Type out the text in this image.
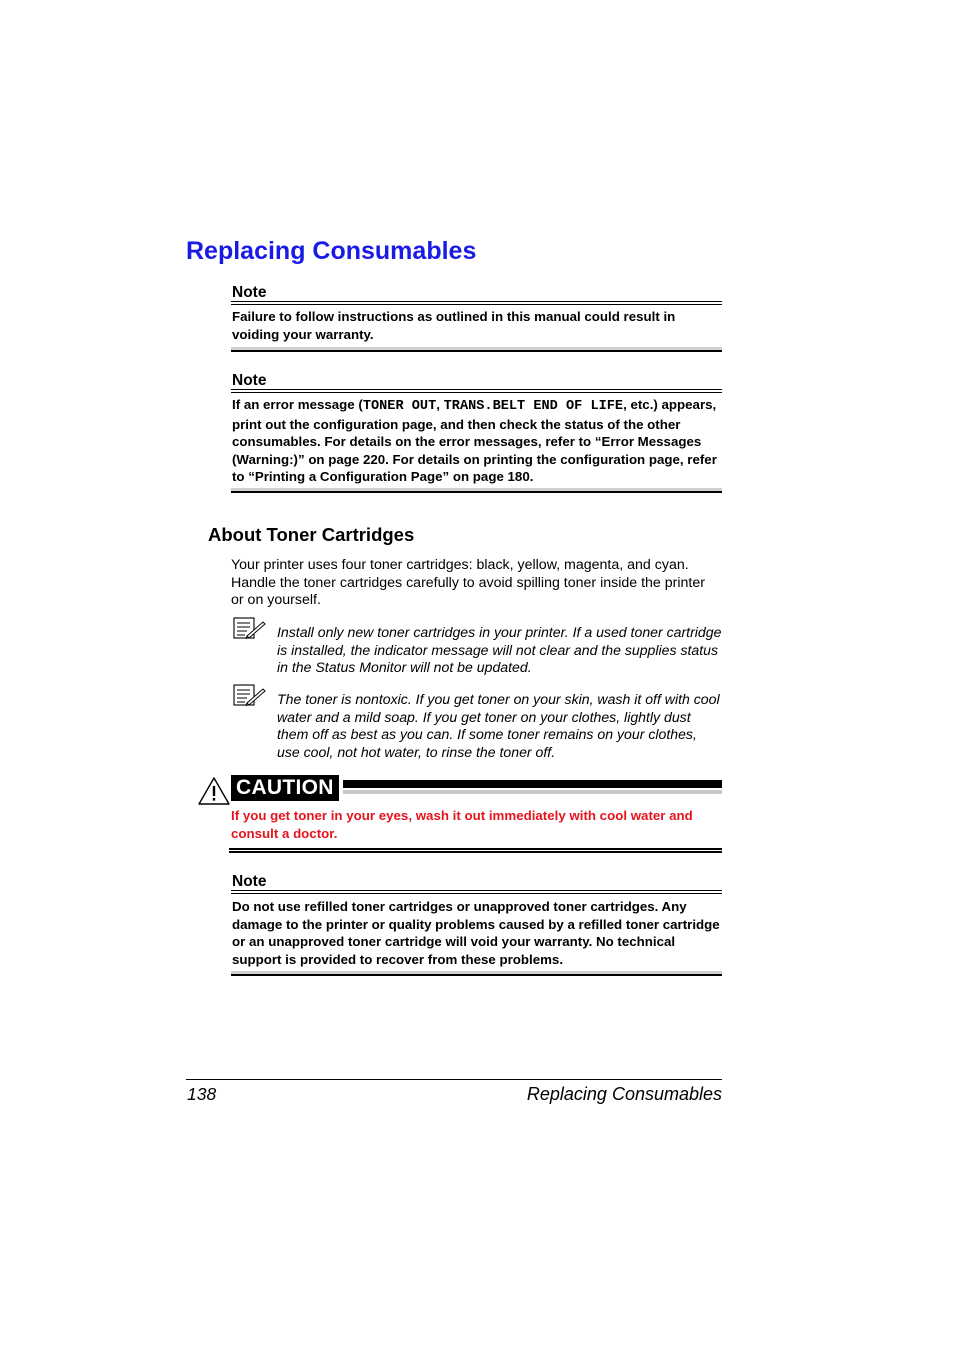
Replacing Consumables
Note

Failure to follow instructions as outlined in this manual could result in voiding your warranty.

Note

If an error message (TONER OUT, TRANS.BELT END OF LIFE, etc.) appears, print out the configuration page, and then check the status of the other consumables. For details on the error messages, refer to “Error Messages (Warning:)” on page 220. For details on printing the configuration page, refer to “Printing a Configuration Page” on page 180.

About Toner Cartridges

Your printer uses four toner cartridges: black, yellow, magenta, and cyan. Handle the toner cartridges carefully to avoid spilling toner inside the printer or on yourself.

Install only new toner cartridges in your printer. If a used toner cartridge is installed, the indicator message will not clear and the supplies status in the Status Monitor will not be updated.

The toner is nontoxic. If you get toner on your skin, wash it off with cool water and a mild soap. If you get toner on your clothes, lightly dust them off as best as you can. If some toner remains on your clothes, use cool, not hot water, to rinse the toner off.

CAUTION

If you get toner in your eyes, wash it out immediately with cool water and consult a doctor.

Note

Do not use refilled toner cartridges or unapproved toner cartridges. Any damage to the printer or quality problems caused by a refilled toner cartridge or an unapproved toner cartridge will void your warranty. No technical support is provided to recover from these problems.

138	Replacing Consumables
